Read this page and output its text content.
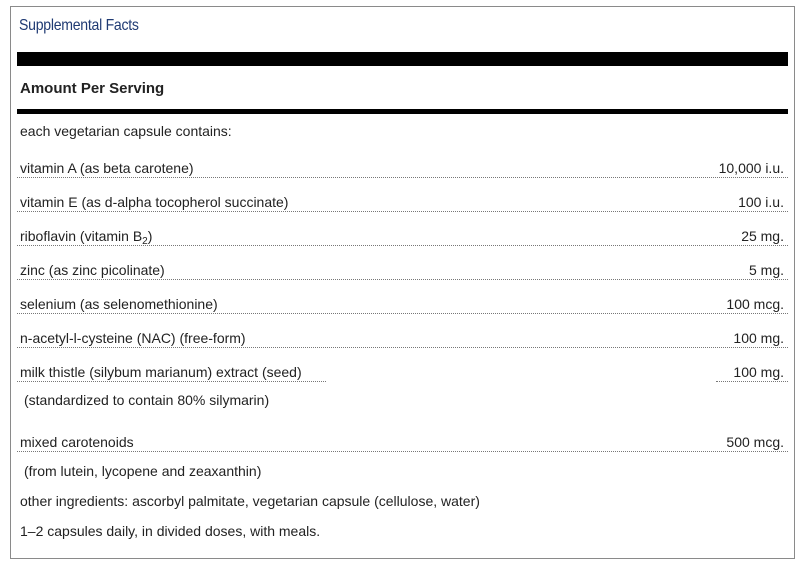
Supplemental Facts
Amount Per Serving
each vegetarian capsule contains:
vitamin A (as beta carotene)	10,000 i.u.
vitamin E (as d-alpha tocopherol succinate)	100 i.u.
riboflavin (vitamin $B_2$)	25 mg.
zinc (as zinc picolinate)	5 mg.
selenium (as selenomethionine)	100 mcg.
n-acetyl-l-cysteine (NAC) (free-form)	100 mg.
milk thistle (silybum marianum) extract (seed)	100 mg.
(standardized to contain 80% silymarin)
mixed carotenoids	500 mcg.
(from lutein, lycopene and zeaxanthin)
other ingredients: ascorbyl palmitate, vegetarian capsule (cellulose, water)
1–2 capsules daily, in divided doses, with meals.
